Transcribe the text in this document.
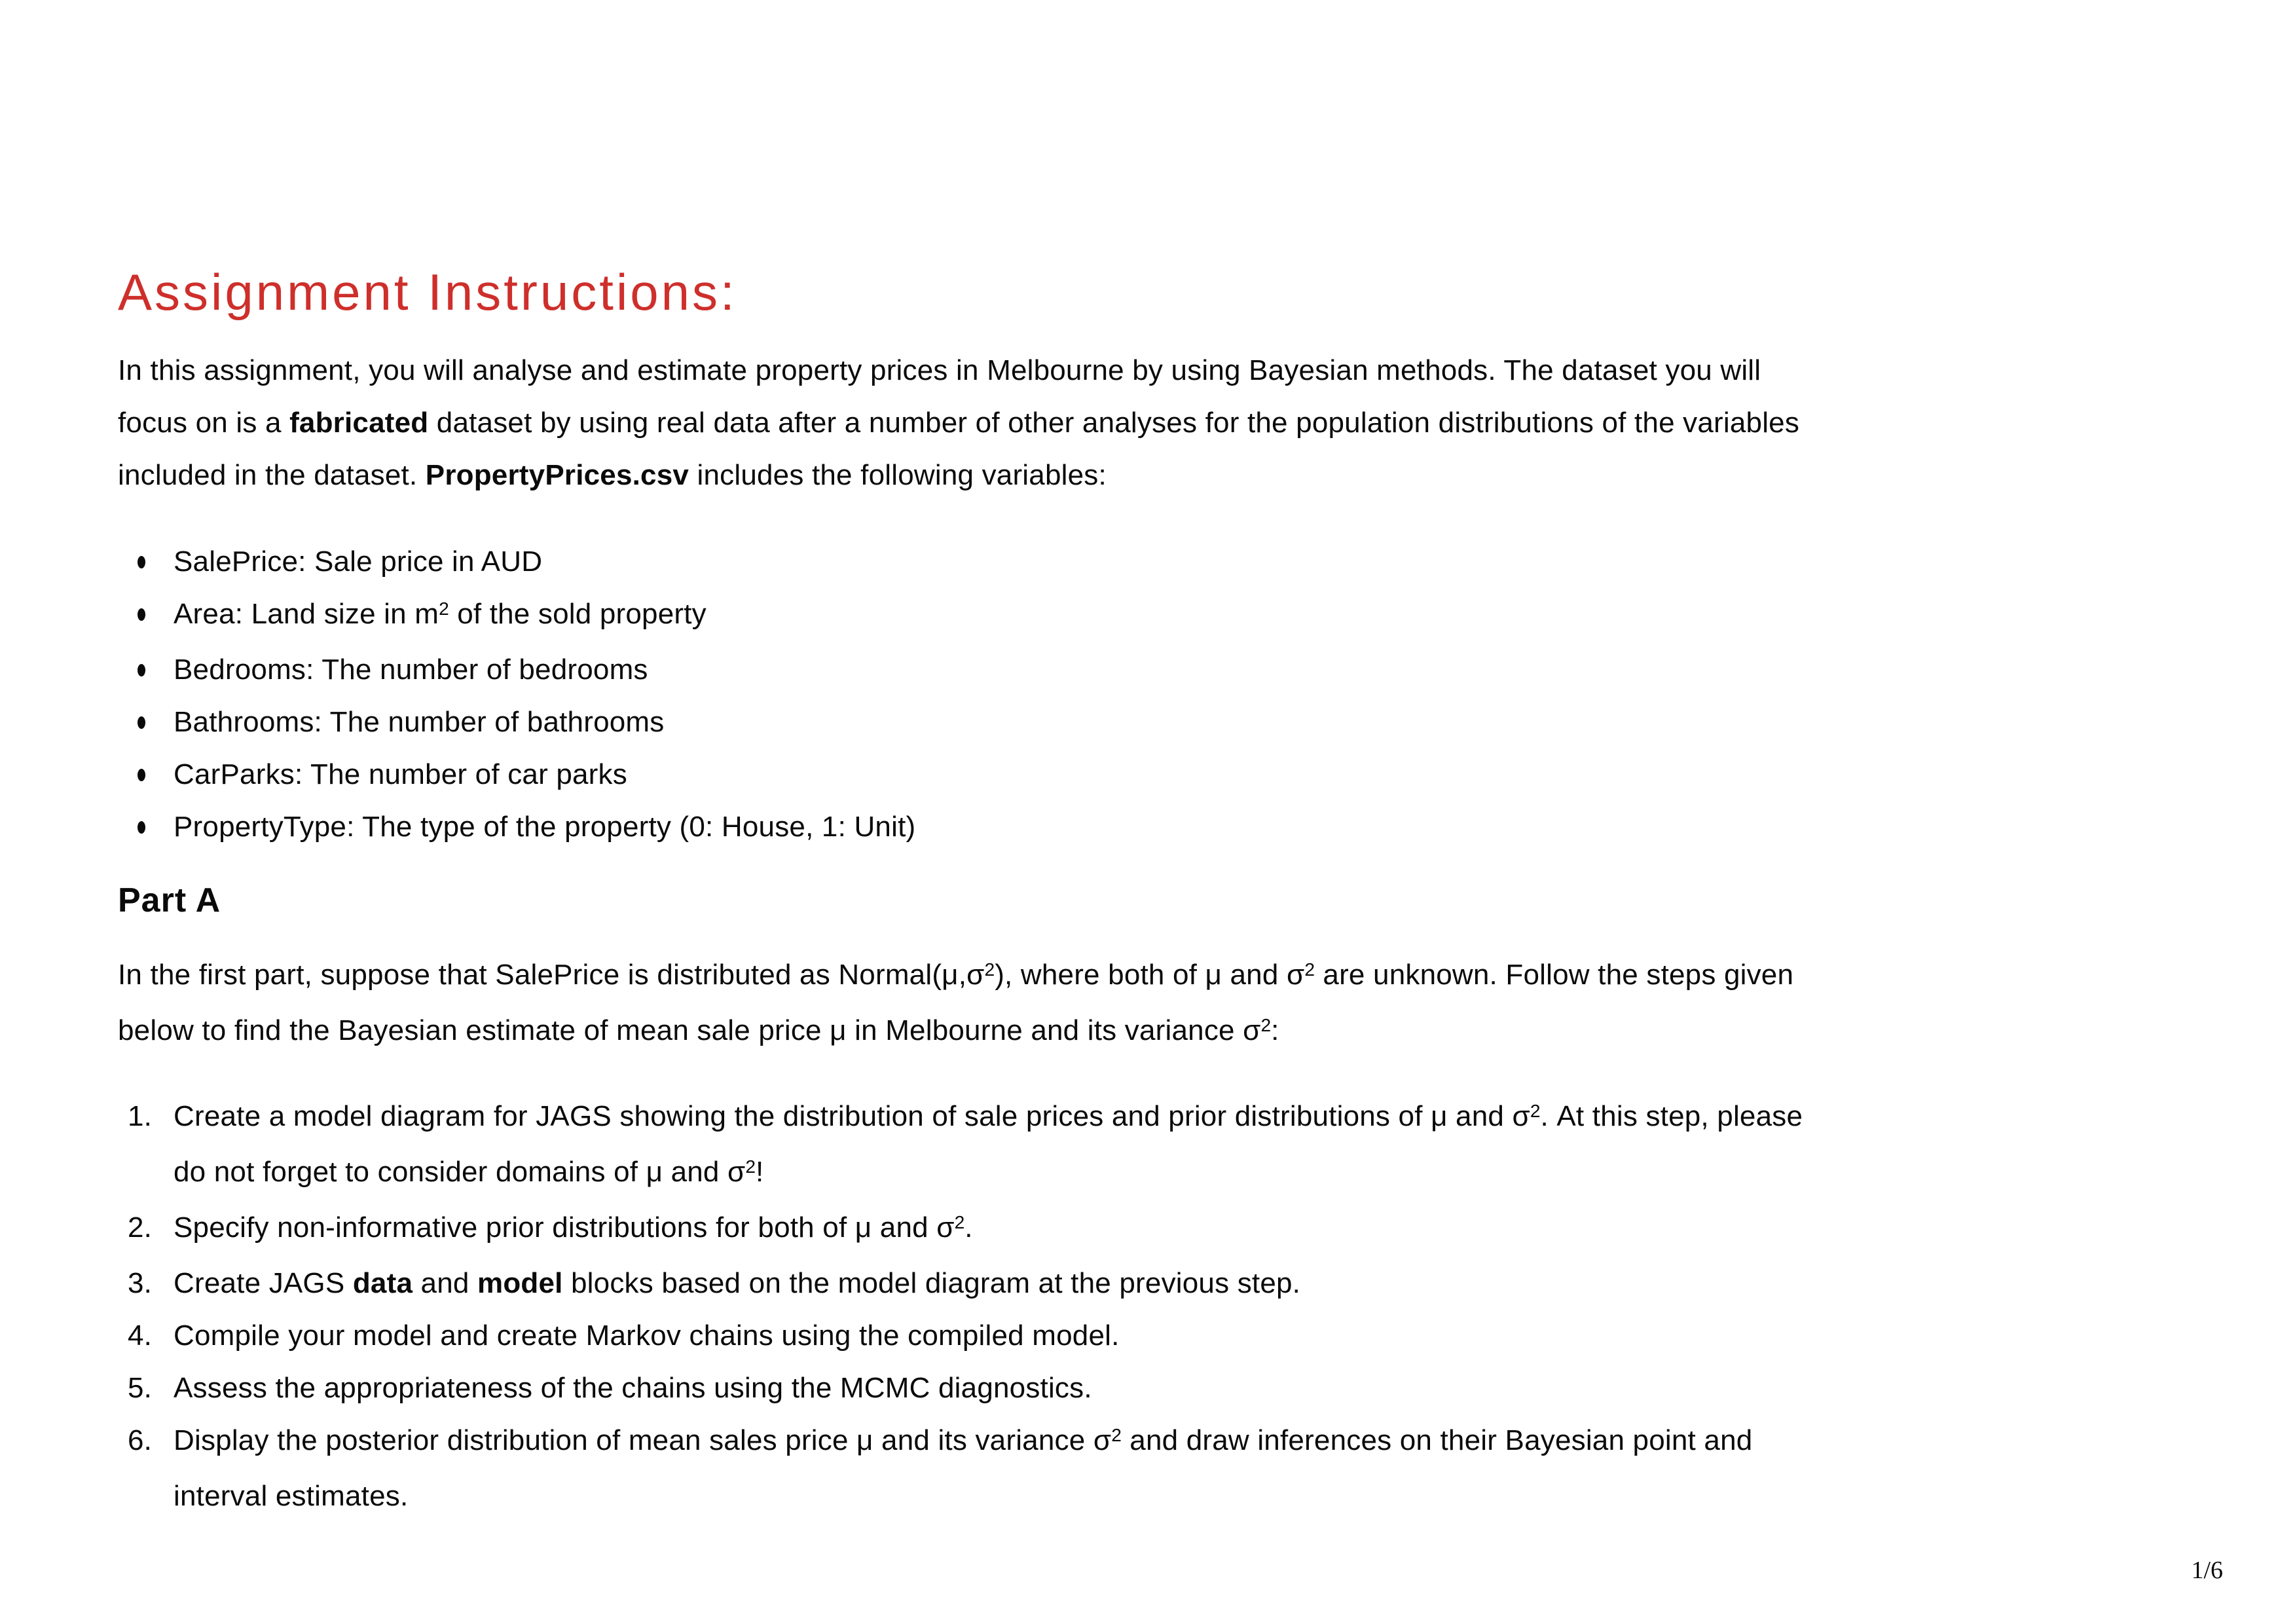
Assignment Instructions:

In this assignment, you will analyse and estimate property prices in Melbourne by using Bayesian methods. The dataset you will
focus on is a fabricated dataset by using real data after a number of other analyses for the population distributions of the variables
included in the dataset. PropertyPrices.csv includes the following variables:

SalePrice: Sale price in AUD
Area: Land size in $m^2$ of the sold property
Bedrooms: The number of bedrooms
Bathrooms: The number of bathrooms
CarParks: The number of car parks
PropertyType: The type of the property (0: House, 1: Unit)
Part A

In the first part, suppose that SalePrice is distributed as $Normal(\mu,\sigma^2)$, where both of μ and $\sigma^2$ are unknown. Follow the steps given
below to find the Bayesian estimate of mean sale price μ in Melbourne and its variance $\sigma^2$:

1. Create a model diagram for JAGS showing the distribution of sale prices and prior distributions of μ and $\sigma^2$. At this step, please
do not forget to consider domains of μ and $\sigma^2$!
2. Specify non-informative prior distributions for both of μ and $\sigma^2$.
3. Create JAGS data and model blocks based on the model diagram at the previous step.
4. Compile your model and create Markov chains using the compiled model.
5. Assess the appropriateness of the chains using the MCMC diagnostics.
6. Display the posterior distribution of mean sales price μ and its variance $\sigma^2$ and draw inferences on their Bayesian point and
interval estimates.
1/6
